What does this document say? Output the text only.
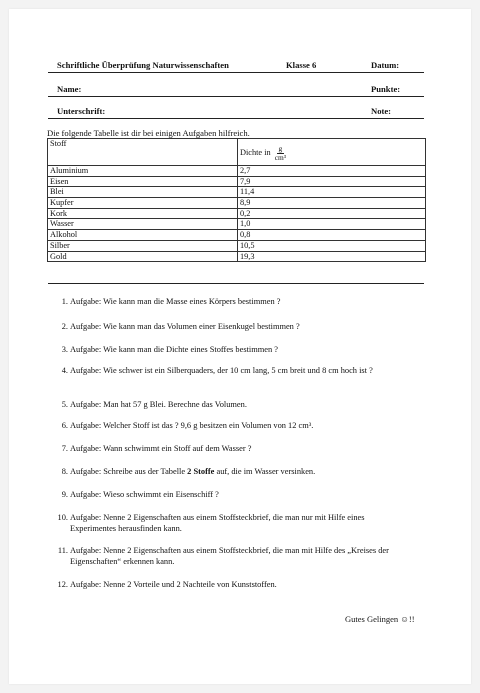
Schriftliche Überprüfung Naturwissenschaften	Klasse 6	Datum:
Name:	Punkte:
Unterschrift:	Note:
Die folgende Tabelle ist dir bei einigen Aufgaben hilfreich.
Stoff	Dichte in $\frac{g}{\text{cm³}}$

Aluminium	2,7
Eisen	7,9
Blei	11,4
Kupfer	8,9
Kork	0,2
Wasser	1,0
Alkohol	0,8
Silber	10,5
Gold	19,3
1. Aufgabe: Wie kann man die Masse eines Körpers bestimmen ?
2. Aufgabe: Wie kann man das Volumen einer Eisenkugel bestimmen ?
3. Aufgabe: Wie kann man die Dichte eines Stoffes bestimmen ?
4. Aufgabe: Wie schwer ist ein Silberquaders, der 10 cm lang, 5 cm breit und 8 cm hoch ist ?
5. Aufgabe: Man hat 57 g Blei. Berechne das Volumen.
6. Aufgabe: Welcher Stoff ist das ? 9,6 g besitzen ein Volumen von 12 cm³.
7. Aufgabe: Wann schwimmt ein Stoff auf dem Wasser ?
8. Aufgabe: Schreibe aus der Tabelle 2 Stoffe auf, die im Wasser versinken.
9. Aufgabe: Wieso schwimmt ein Eisenschiff ?
10. Aufgabe: Nenne 2 Eigenschaften aus einem Stoffsteckbrief, die man nur mit Hilfe eines Experimentes herausfinden kann.
11. Aufgabe: Nenne 2 Eigenschaften aus einem Stoffsteckbrief, die man mit Hilfe des „Kreises der Eigenschaften“ erkennen kann.
12. Aufgabe: Nenne 2 Vorteile und 2 Nachteile von Kunststoffen.
Gutes Gelingen ☺!!
